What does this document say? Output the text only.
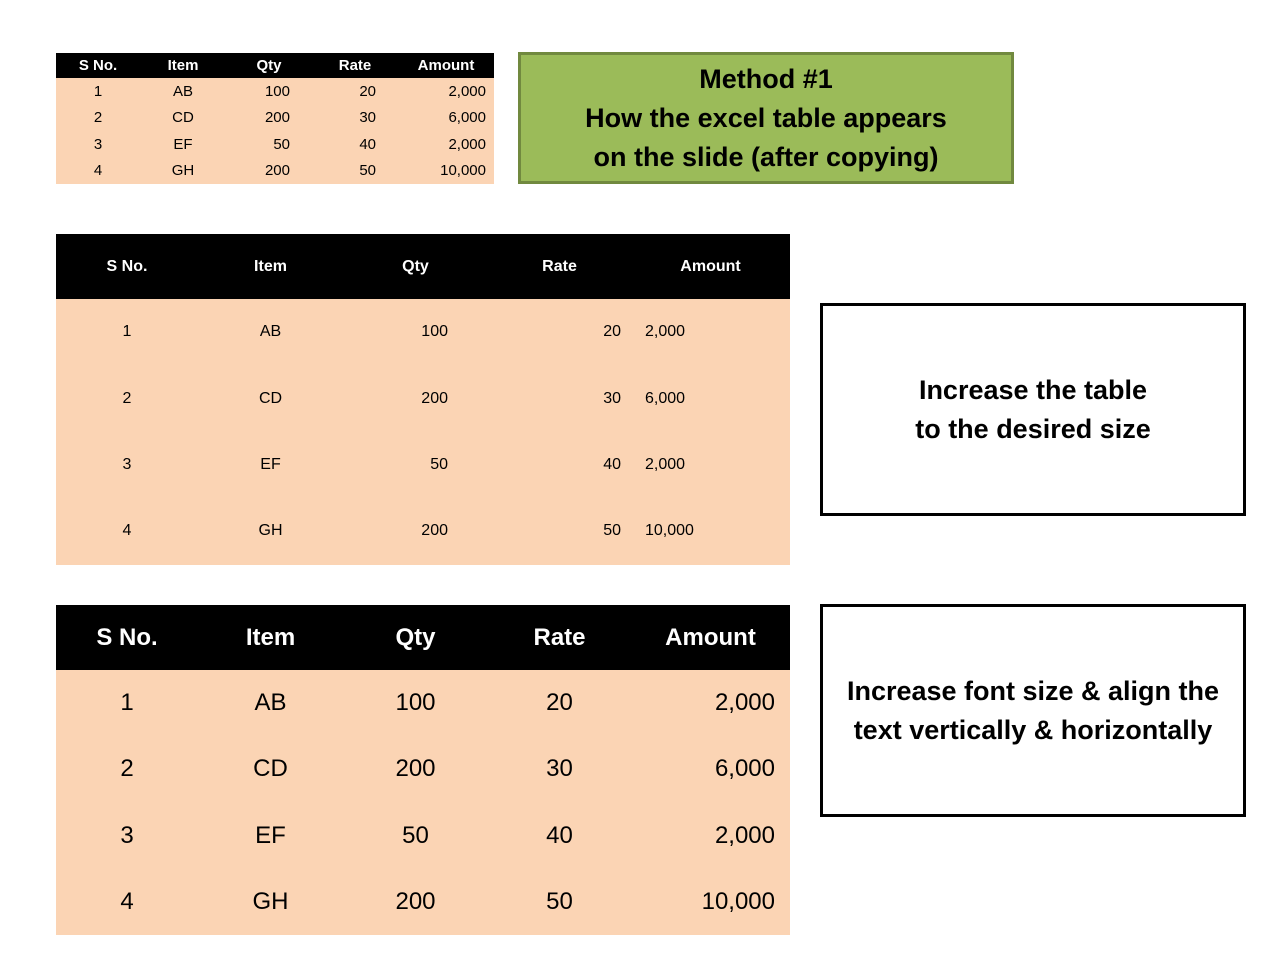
S No.	Item	Qty	Rate	Amount
1	AB	100	20	2,000
2	CD	200	30	6,000
3	EF	50	40	2,000
4	GH	200	50	10,000
Method #1
How the excel table appears
on the slide (after copying)
S No.	Item	Qty	Rate	Amount
1	AB	100	20	2,000
2	CD	200	30	6,000
3	EF	50	40	2,000
4	GH	200	50	10,000
Increase the table
to the desired size
S No.	Item	Qty	Rate	Amount
1	AB	100	20	2,000
2	CD	200	30	6,000
3	EF	50	40	2,000
4	GH	200	50	10,000
Increase font size & align the
text vertically & horizontally
